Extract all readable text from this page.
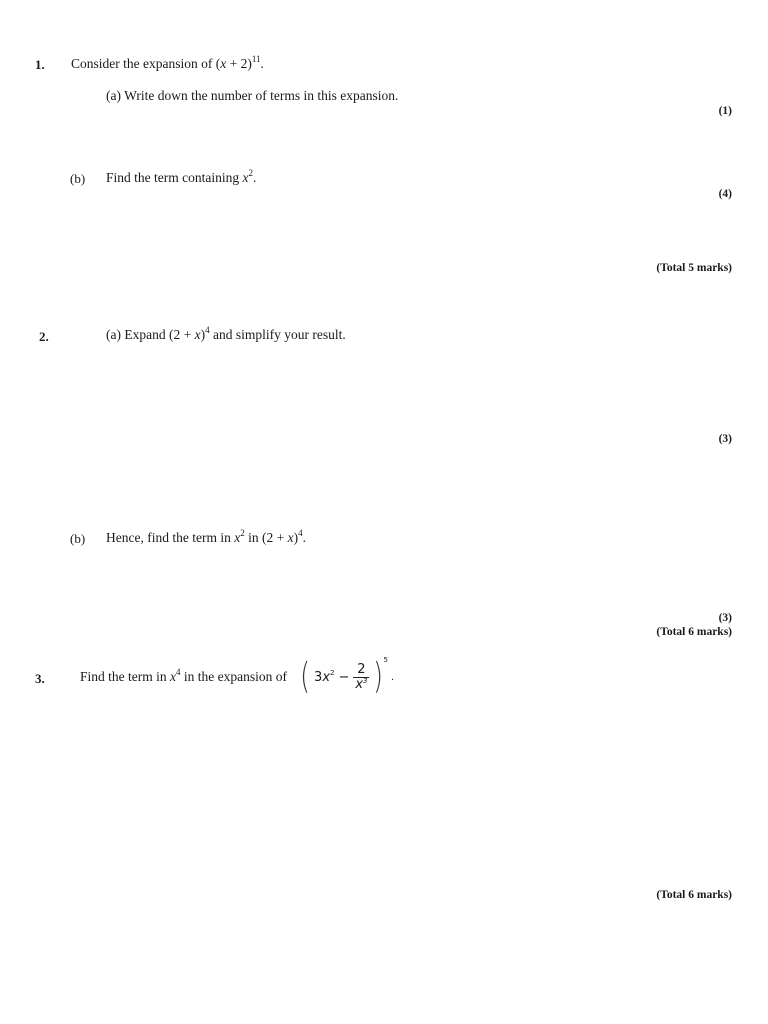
1. Consider the expansion of $(x + 2)^{11}$.
(a) Write down the number of terms in this expansion.
(1)
(b) Find the term containing $x^2$.
(4)
(Total 5 marks)
2.	(a) Expand $(2 + x)^4$ and simplify your result.
(3)
(b) Hence, find the term in $x^2$ in $(2 + x)^4$.
(3)
(Total 6 marks)
3.	Find the term in $x^4$ in the expansion of ( $3x^2 - \frac{2}{x^3}$ ) 5
.
(Total 6 marks)
